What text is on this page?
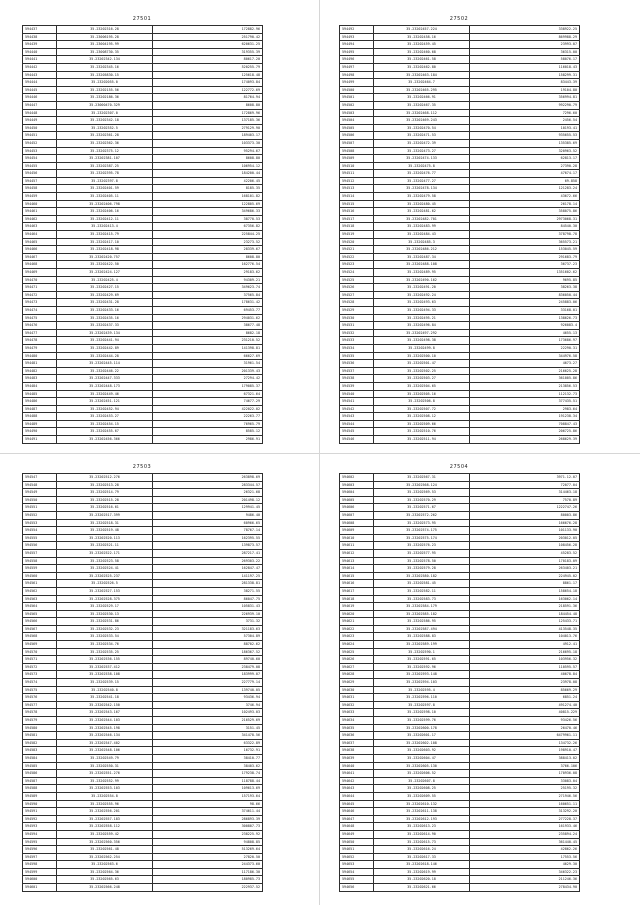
27501
594437	35.23202316.28	172882.96
594438	35.23006195.28	251790.42
594439	35.23004195.99	620631.25
594440	35.23008730.35	319355.39
594441	35.23202342.134	80617.20
594442	35.23202345.16	520255.79
594443	35.23205830.15	125618.48
594444	35.23202055.0	174093.84
594445	35.23202155.56	122772.69
594446	35.23202186.36	81764.94
594447	35.23000470.329	8608.80
594448	35.23202307.0	172869.96
594449	35.23202342.18	137185.36
594450	35.23202352.5	279129.90
594451	35.23202361.28	189403.17
594452	35.23202362.36	103373.30
594453	35.23202375.12	95294.67
594454	35.23202381.107	8608.80
594455	35.23202387.25	106954.12
594456	35.23202395.78	184200.44
594457	35.23202397.8	42206.45
594458	35.23202401.59	8185.35
594459	35.23202405.11	168101.82
594460	35.23202406.798	122805.69
594461	35.23202406.16	349686.33
594462	35.23202412.11	38770.53
594463	35.23202413.4	67356.82
594464	35.23202415.79	225844.25
594465	35.23202417.10	23273.52
594466	35.23202418.98	28339.67
594467	35.23202420.757	8608.80
594468	35.23202422.50	162776.54
594469	35.23202424.127	29183.62
594470	35.23202425.4	94309.21
594471	35.23202427.15	349623.74
594472	35.23202429.69	37565.84
594473	35.23202431.28	178631.42
594474	35.23202433.16	69453.77
594475	35.23202435.16	294031.62
594476	35.23202437.33	38677.48
594477	35.23202439.134	8682.18
594478	35.23202441.94	231210.52
594479	35.23202442.89	141398.81
594480	35.23202444.28	66627.69
594481	35.23202445.114	31961.54
594482	35.23202446.22	201339.43
594483	35.23202447.333	27294.42
594484	35.23202448.173	179085.37
594485	35.23202449.46	67321.64
594486	35.23202451.121	74677.29
594487	35.23202452.94	422022.02
594488	35.23202453.27	22263.77
594489	35.23202454.15	76965.79
594490	35.23202455.67	8585.12
594491	35.23202456.366	2986.91
27502
594492	35.23202457.224	338922.25
594493	35.23202458.16	869988.29
594494	35.23202459.45	23993.07
594495	35.23202460.68	36315.00
594496	35.23202461.58	58076.17
594497	35.23202462.80	116018.43
594498	35.23202463.184	158299.31
594499	35.23202464.7	83443.39
594500	35.23202465.295	19104.80
594501	35.23202466.91	356994.81
594502	35.23202467.35	992290.79
594503	35.23202468.112	7296.60
594504	35.23202469.243	2456.54
594505	35.23202470.54	10193.41
594506	35.23202471.53	935655.53
594507	35.23202472.39	135385.69
594508	35.23202473.27	320963.52
594509	35.23202474.133	62813.17
594510	35.23202475.8	27390.28
594511	35.23202476.77	47674.17
594512	35.23202477.27	69.858
594513	35.23202478.134	121283.24
594514	35.23202479.58	43672.66
594515	35.23202480.45	26178.14
594516	35.23202481.62	358075.86
594517	35.23202482.701	2973068.31
594518	35.23202483.99	84540.30
594519	35.23202484.43	378798.78
594520	35.23202485.3	365573.21
594521	35.23202486.212	153045.59
594522	35.23202487.34	291683.79
594523	35.23202488.108	36737.23
594524	35.23202489.95	1351602.62
594525	35.23202490.162	9695.85
594526	35.23202491.20	38263.38
594527	35.23202492.24	836050.44
594528	35.23202493.63	245883.06
594529	35.23202494.33	33168.01
594530	35.23202495.21	138626.73
594531	35.23202496.84	926083.4
594532	35.23202497.292	4655.13
594533	35.23202498.38	173686.97
594534	35.23202499.8	22290.31
594535	35.23202500.10	344976.58
594536	35.23202501.47	4673.27
594537	35.23202502.25	216625.28
594538	35.23202503.27	361005.86
594539	35.23202504.65	213856.53
594540	35.23202505.16	112132.73
594541	35.23202506.8	377435.51
594542	35.23202507.72	2983.64
594543	35.23202508.12	191238.34
594544	35.23202509.66	708847.43
594545	35.23202510.76	206725.86
594546	35.23202511.94	268629.39
27503
594547	35.23202512.276	263898.69
594548	35.23202513.28	283344.57
594549	35.23202514.79	26321.68
594550	35.23202515.28	201498.12
594551	35.23202516.61	129941.45
594552	35.23202517.399	9486.40
594553	35.23202518.31	60966.65
594554	35.23202519.48	78767.14
594555	35.23202520.113	162395.55
594556	35.23202521.11	139873.57
594557	35.23202522.171	287217.41
594558	35.23202523.58	269303.22
594559	35.23202524.41	162847.47
594560	35.23202525.237	141197.25
594561	35.23202526.5	281338.81
594562	35.23202527.153	38271.55
594563	35.23202528.375	86047.75
594564	35.23202529.17	105831.43
594565	35.23202530.13	226939.10
594566	35.23202531.86	3731.32
594567	35.23202532.23	321183.63
594568	35.23202533.54	57304.89
594569	35.23202534.76	88702.62
594570	35.23202535.25	186367.52
594571	35.23202536.155	89740.60
594572	35.23202537.412	238479.08
594573	35.23202538.108	183999.07
594574	35.23202539.15	227779.14
594575	35.23202540.8	139740.05
594576	35.23202541.18	93436.94
594577	35.23202542.150	3746.94
594578	35.23202543.167	102493.03
594579	35.23202544.103	216529.69
594580	35.23202545.198	3151.45
594581	35.23202546.134	341478.56
594582	35.23202547.402	63322.89
594583	35.23202548.106	16732.91
594584	35.23202549.79	38410.77
594585	35.23202550.31	38403.62
594586	35.23202551.276	179238.74
594587	35.23202552.99	118788.44
594588	35.23202553.103	109613.69
594589	35.23202554.8	157193.64
594590	35.23202555.96	98.66
594591	35.23202556.201	374611.44
594592	35.23202557.183	286893.39
594593	35.23202558.112	300807.73
594594	35.23202559.42	238225.92
594595	35.23202560.356	94808.85
594596	35.23202561.48	513269.64
594597	35.23202562.254	27820.50
594598	35.23202563.6	244373.60
594599	35.23202564.36	117186.30
594600	35.23202565.63	180985.73
594601	35.23202566.248	222937.52
27504
594602	35.23202567.31	3971.12.07
594603	35.23202568.124	72077.04
594604	35.23202569.53	314463.18
594605	35.23202570.29	7570.89
594606	35.23202571.67	1222747.26
594607	35.23202572.262	80003.86
594608	35.23202573.95	166676.28
594609	35.23202574.175	101133.90
594610	35.23202575.174	203012.05
594611	35.23202576.23	108456.28
594612	35.23202577.95	45283.52
594613	35.23202578.50	170183.09
594614	35.23202579.28	263403.21
594615	35.23202580.182	224945.02
594616	35.23202581.45	8861.17
594617	35.23202582.11	158654.18
594618	35.23202583.73	163062.14
594619	35.23202584.179	218591.36
594620	35.23202585.182	184454.48
594621	35.23202586.95	125433.71
594622	35.23202587.494	413548.35
594623	35.23202588.83	104013.76
594624	35.23202589.199	4912.41
594625	35.23202590.1	216695.18
594626	35.23202591.65	103956.32
594627	35.23202592.96	110595.57
594628	35.23202593.148	40678.84
594629	35.23202594.103	23978.08
594630	35.23202595.4	85669.29
594631	35.23202596.110	6851.24
594632	35.23202597.8	491274.40
594633	35.23202598.10	40815.229
594634	35.23202599.76	93426.56
594635	35.23202600.178	26470.46
594636	35.23202601.17	6479961.11
594637	35.23202602.108	134732.26
594638	35.23202603.92	198910.47
594639	35.23202604.47	388413.02
594640	35.23202605.130	3766.106
594641	35.23202606.52	170936.08
594642	35.23202607.8	33083.04
594643	35.23202608.25	25195.32
594644	35.23202609.55	271946.56
594645	35.23202610.132	160651.11
594646	35.23202611.138	313292.20
594647	35.23202612.193	277228.37
594648	35.23202613.23	161933.46
594649	35.23202614.90	235894.24
594650	35.23202615.73	361440.45
594651	35.23202616.24	42862.26
594652	35.23202617.33	17553.56
594653	35.23202618.146	4629.30
594654	35.23202619.99	346322.23
594655	35.23202620.18	211246.36
594656	35.23202621.66	278434.90
